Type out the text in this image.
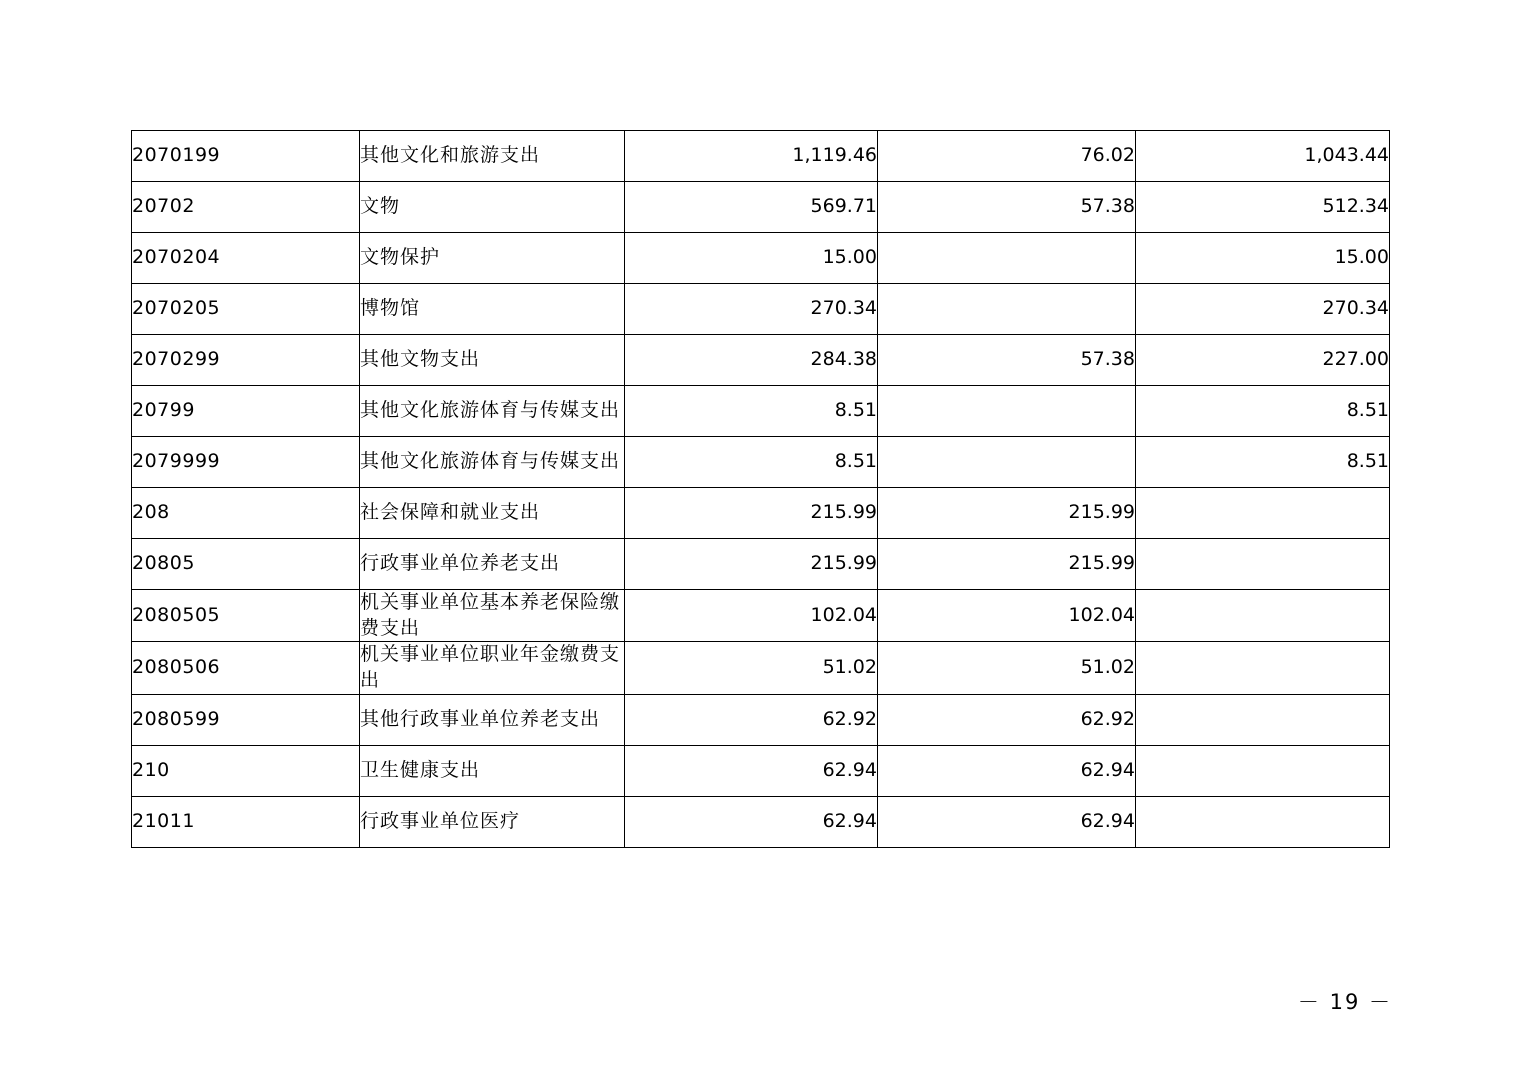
2070199	其他文化和旅游支出	1,119.46	76.02	1,043.44
20702	文物	569.71	57.38	512.34
2070204	文物保护	15.00		15.00
2070205	博物馆	270.34		270.34
2070299	其他文物支出	284.38	57.38	227.00
20799	其他文化旅游体育与传媒支出	8.51		8.51
2079999	其他文化旅游体育与传媒支出	8.51		8.51
208	社会保障和就业支出	215.99	215.99	
20805	行政事业单位养老支出	215.99	215.99	
2080505	机关事业单位基本养老保险缴费支出	102.04	102.04	
2080506	机关事业单位职业年金缴费支出	51.02	51.02	
2080599	其他行政事业单位养老支出	62.92	62.92	
210	卫生健康支出	62.94	62.94	
21011	行政事业单位医疗	62.94	62.94	
－ 19 －
